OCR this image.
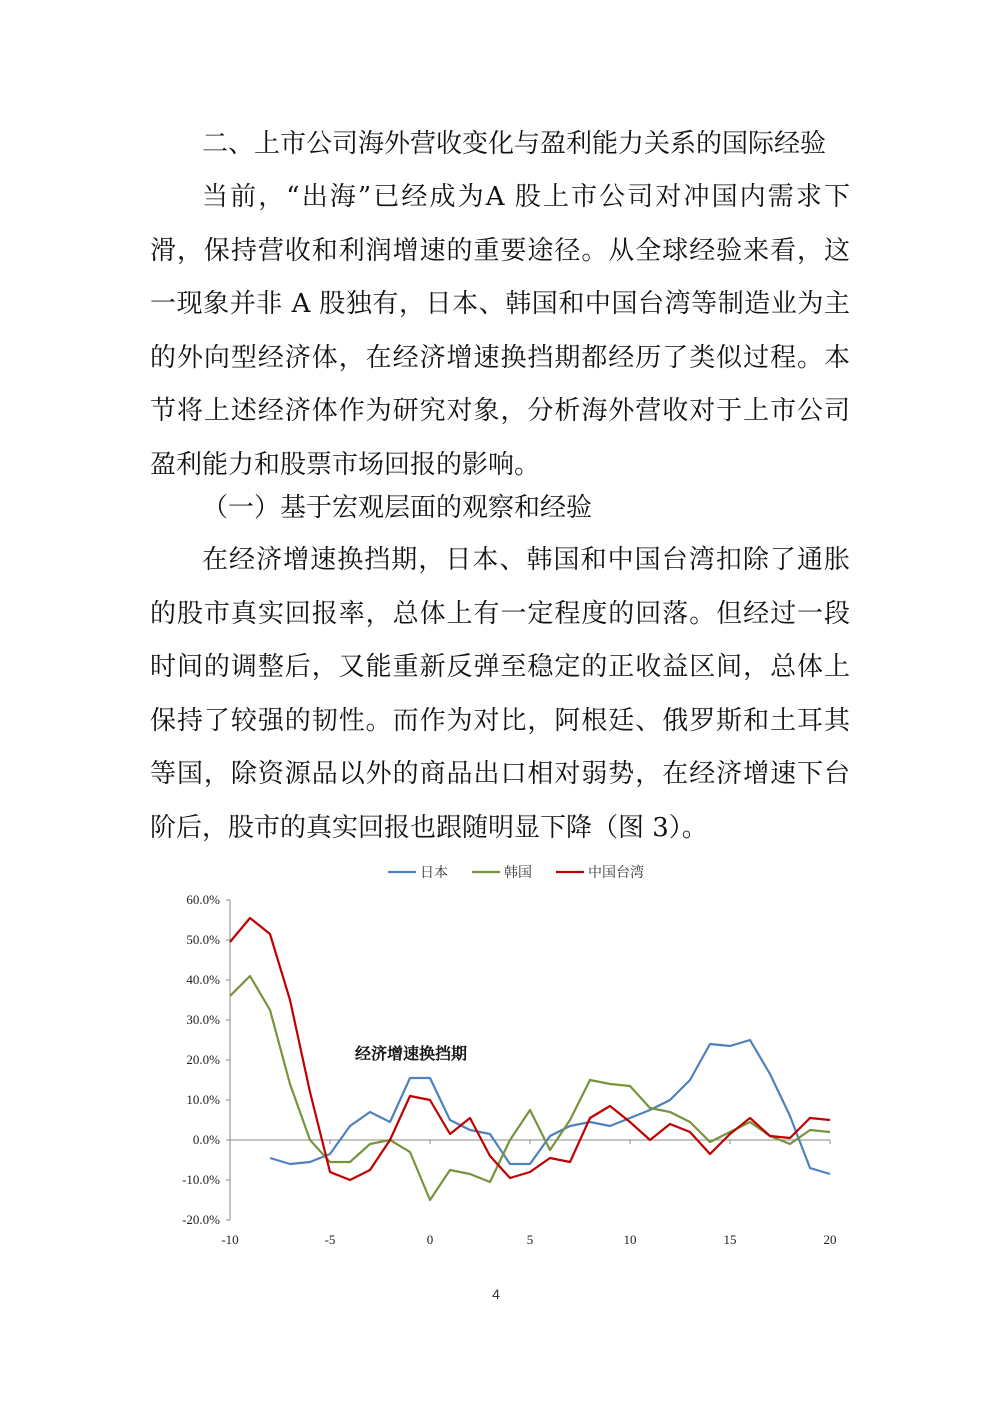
二、上市公司海外营收变化与盈利能力关系的国际经验

当前，“出海”已经成为A 股上市公司对冲国内需求下滑，保持营收和利润增速的重要途径。从全球经验来看，这一现象并非 A 股独有，日本、韩国和中国台湾等制造业为主的外向型经济体，在经济增速换挡期都经历了类似过程。本节将上述经济体作为研究对象，分析海外营收对于上市公司盈利能力和股票市场回报的影响。

（一）基于宏观层面的观察和经验

在经济增速换挡期，日本、韩国和中国台湾扣除了通胀的股市真实回报率，总体上有一定程度的回落。但经过一段时间的调整后，又能重新反弹至稳定的正收益区间，总体上保持了较强的韧性。而作为对比，阿根廷、俄罗斯和土耳其等国，除资源品以外的商品出口相对弱势，在经济增速下台阶后，股市的真实回报也跟随明显下降（图 3）。

60.0%
50.0%
40.0%
30.0%
20.0%
10.0%
0.0%
-10.0%
-20.0%
-10	-5	0	5	10	15	20
日本	韩国	中国台湾
经济增速换挡期
4
